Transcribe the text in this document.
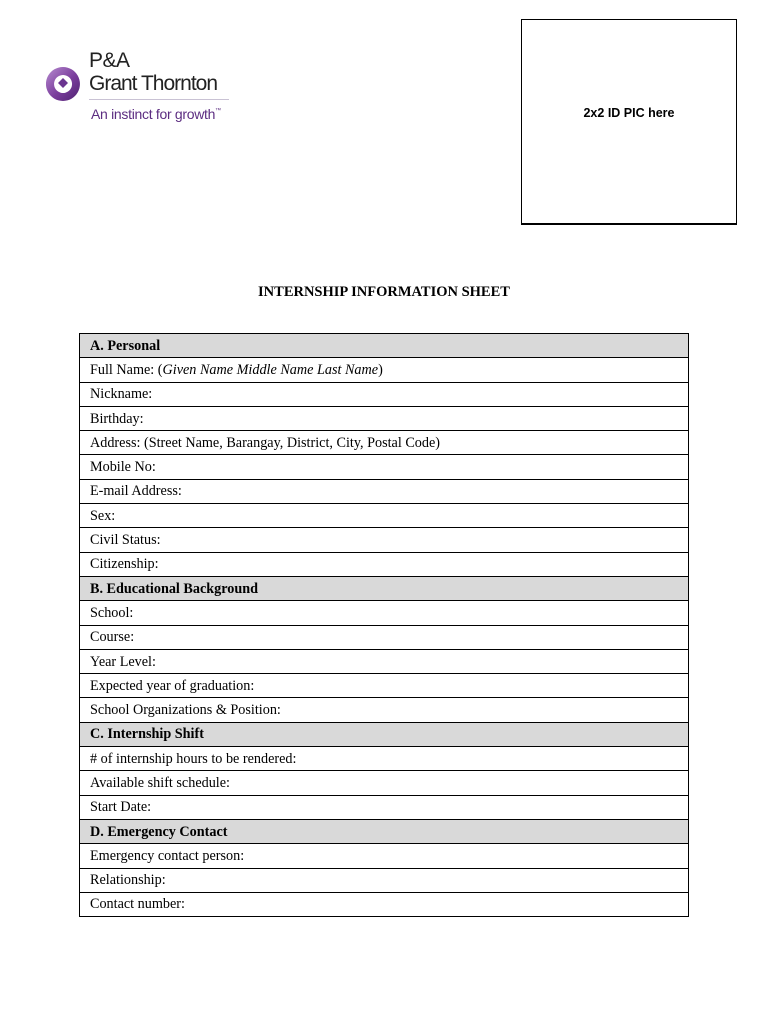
P&A
Grant Thornton
An instinct for growth™	2x2 ID PIC here
INTERNSHIP INFORMATION SHEET
A. Personal
Full Name: (Given Name Middle Name Last Name)
Nickname:
Birthday:
Address: (Street Name, Barangay, District, City, Postal Code)
Mobile No:
E-mail Address:
Sex:
Civil Status:
Citizenship:
B. Educational Background
School:
Course:
Year Level:
Expected year of graduation:
School Organizations & Position:
C. Internship Shift
# of internship hours to be rendered:
Available shift schedule:
Start Date:
D. Emergency Contact
Emergency contact person:
Relationship:
Contact number:
